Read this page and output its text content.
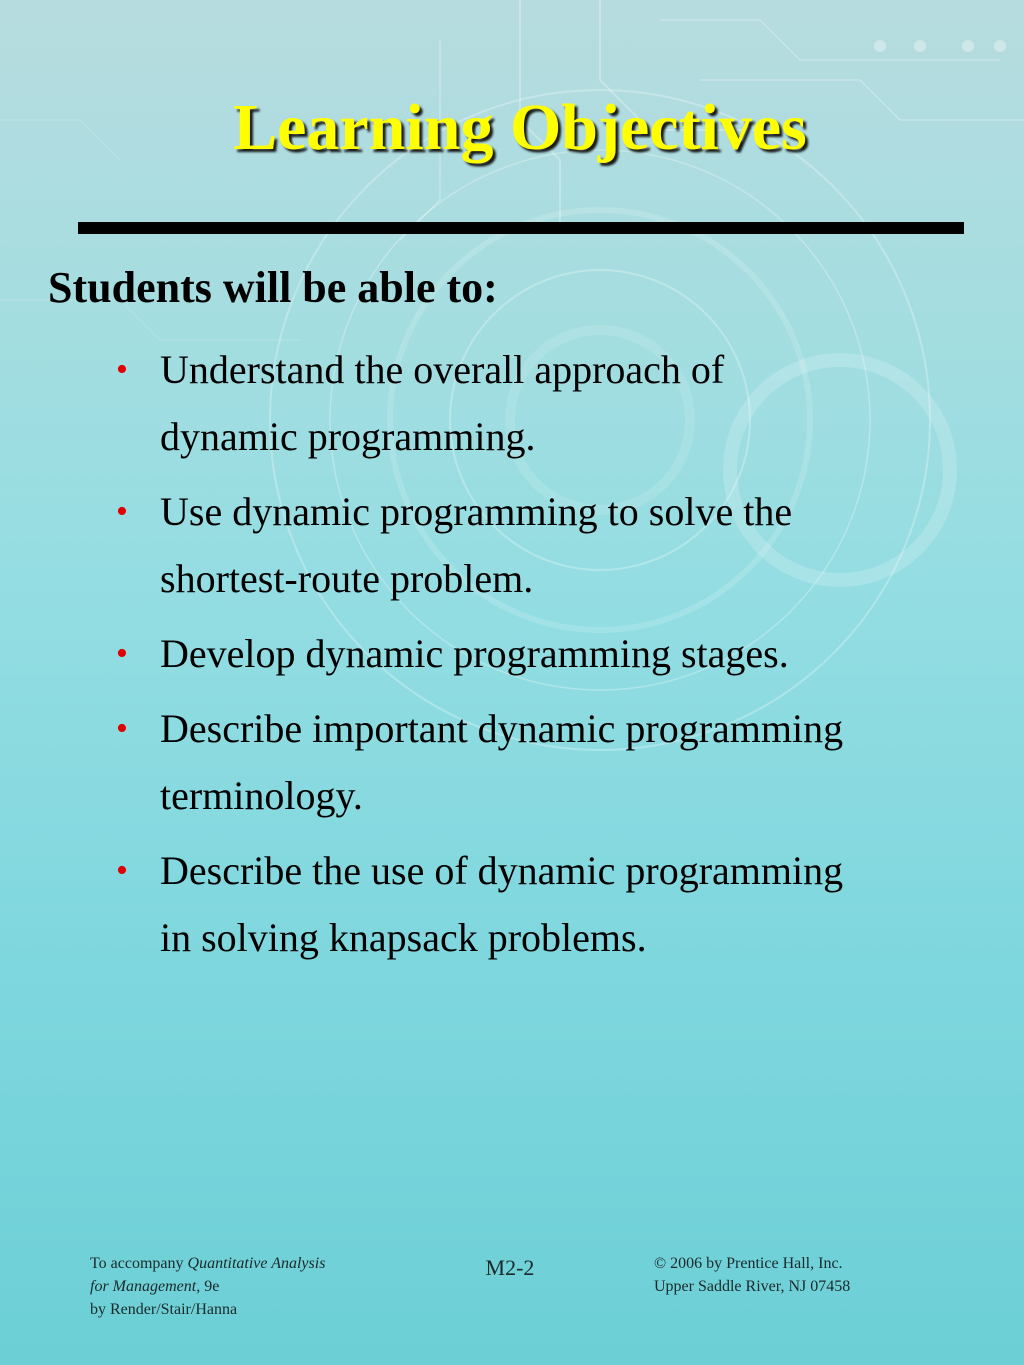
Learning Objectives

Students will be able to:

• Understand the overall approach of
dynamic programming.
• Use dynamic programming to solve the
shortest-route problem.
• Develop dynamic programming stages.
• Describe important dynamic programming
terminology.
• Describe the use of dynamic programming
in solving knapsack problems.
To accompany Quantitative Analysis
for Management, 9e
by Render/Stair/Hanna
M2-2	© 2006 by Prentice Hall, Inc.
Upper Saddle River, NJ 07458
